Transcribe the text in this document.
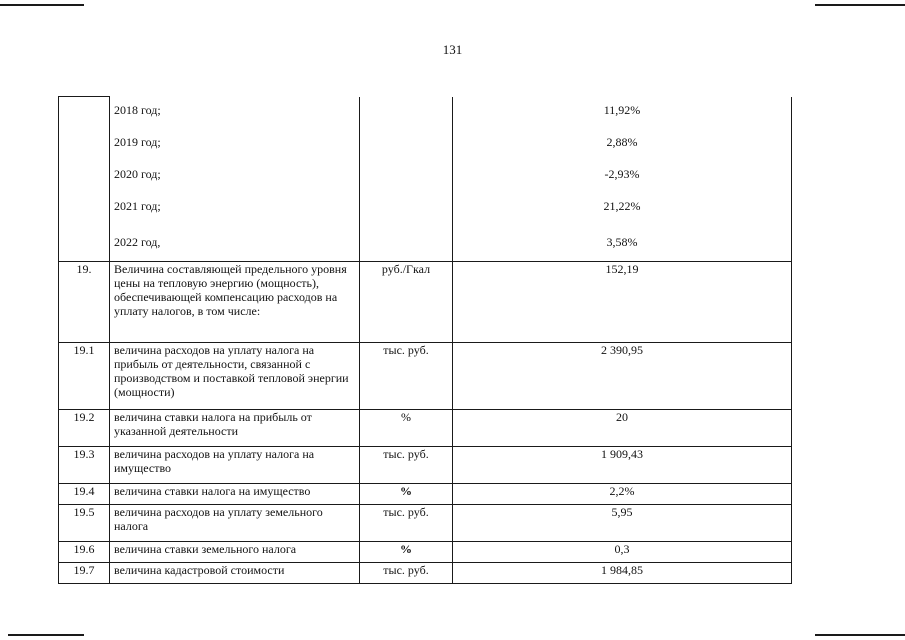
131
	2018 год;		11,92%
	2019 год;		2,88%
	2020 год;		-2,93%
	2021 год;		21,22%
	2022 год,		3,58%
19.	Величина составляющей предельного уровня цены на тепловую энергию (мощность), обеспечивающей компенсацию расходов на уплату налогов, в том числе:	руб./Гкал	152,19
19.1	величина расходов на уплату налога на прибыль от деятельности, связанной с производством и поставкой тепловой энергии (мощности)	тыс. руб.	2 390,95
19.2	величина ставки налога на прибыль от указанной деятельности	%	20
19.3	величина расходов на уплату налога на имущество	тыс. руб.	1 909,43
19.4	величина ставки налога на имущество	%	2,2%
19.5	величина расходов на уплату земельного налога	тыс. руб.	5,95
19.6	величина ставки земельного налога	%	0,3
19.7	величина кадастровой стоимости	тыс. руб.	1 984,85
